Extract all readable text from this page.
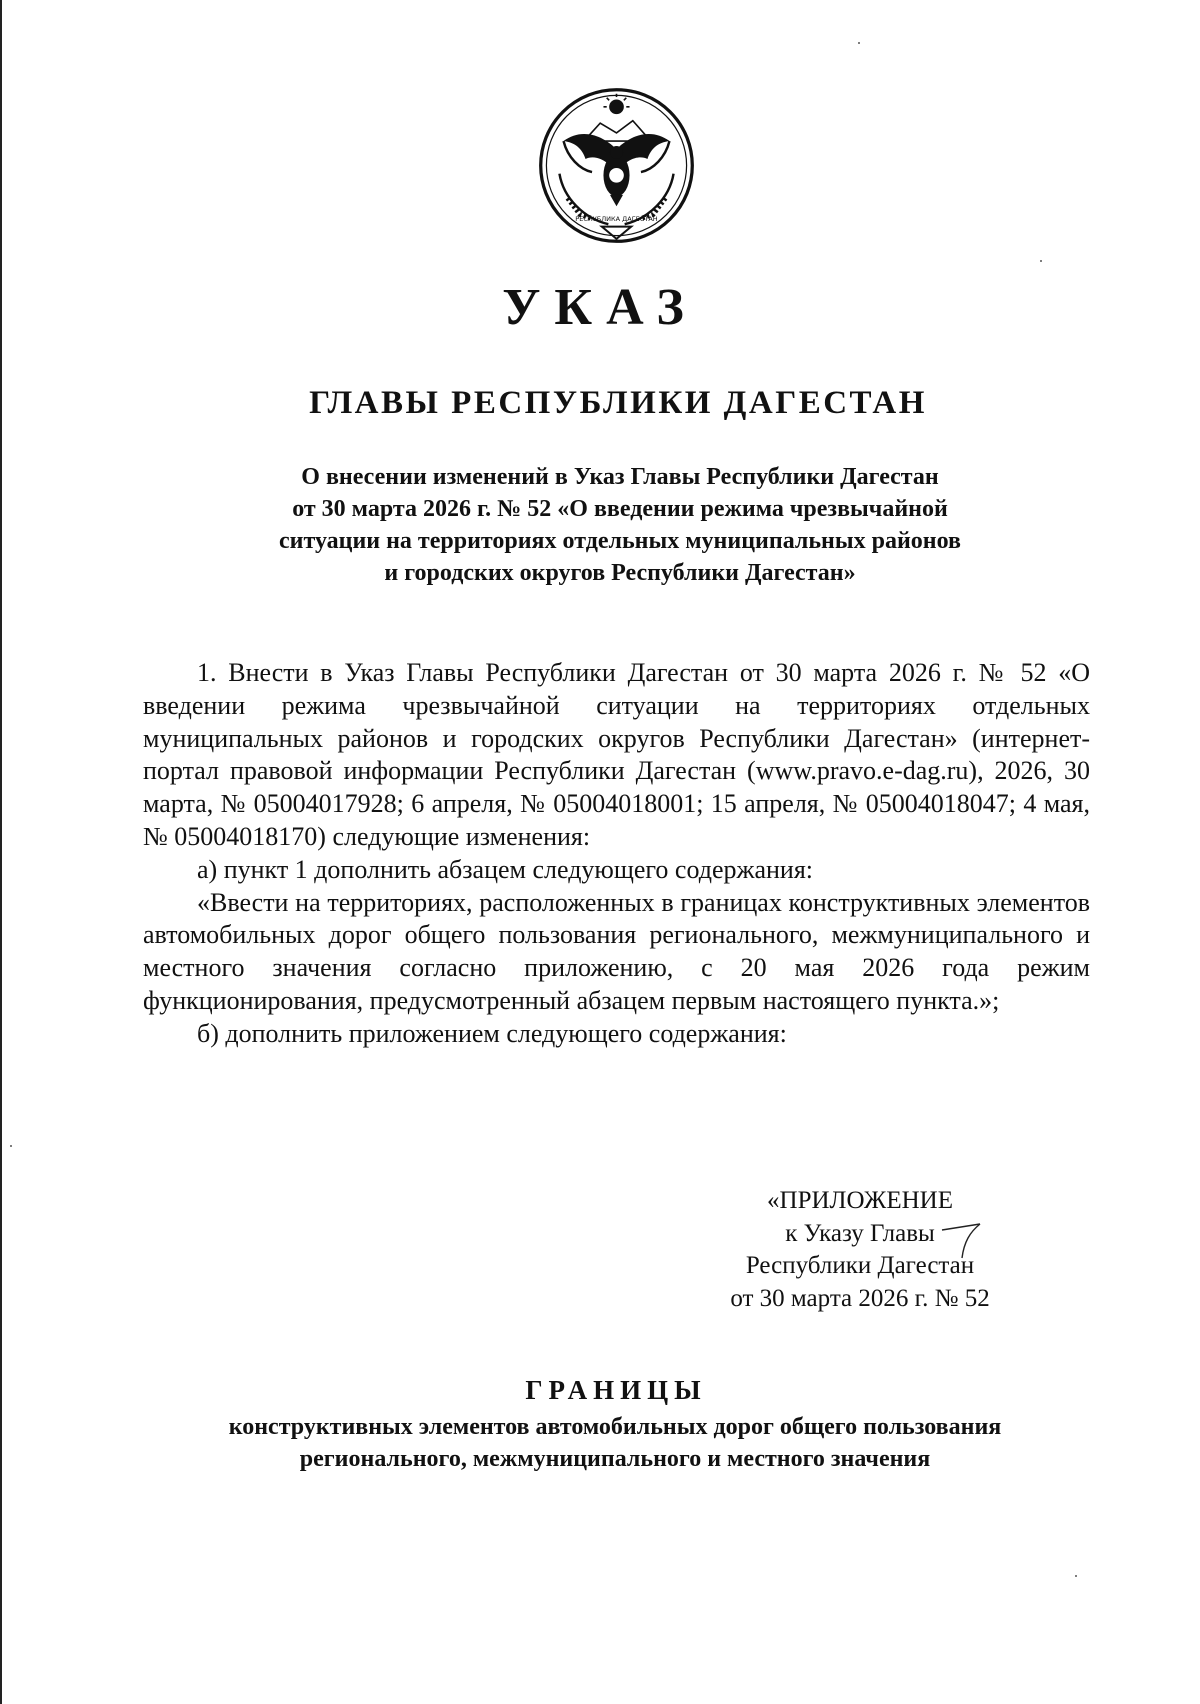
РЕСПУБЛИКА ДАГЕСТАН
УКАЗ
ГЛАВЫ РЕСПУБЛИКИ ДАГЕСТАН
О внесении изменений в Указ Главы Республики Дагестан
от 30 марта 2026 г. № 52 «О введении режима чрезвычайной
ситуации на территориях отдельных муниципальных районов
и городских округов Республики Дагестан»

1. Внести в Указ Главы Республики Дагестан от 30 марта 2026 г. № 52 «О введении режима чрезвычайной ситуации на территориях отдельных муниципальных районов и городских округов Республики Дагестан» (интернет-портал правовой информации Республики Дагестан (www.pravo.e-dag.ru), 2026, 30 марта, № 05004017928; 6 апреля, № 05004018001; 15 апреля, № 05004018047; 4 мая, № 05004018170) следующие изменения:

а) пункт 1 дополнить абзацем следующего содержания:

«Ввести на территориях, расположенных в границах конструктивных элементов автомобильных дорог общего пользования регионального, межмуниципального и местного значения согласно приложению, с 20 мая 2026 года режим функционирования, предусмотренный абзацем первым настоящего пункта.»;

б) дополнить приложением следующего содержания:

«ПРИЛОЖЕНИЕ
к Указу Главы
Республики Дагестан
от 30 марта 2026 г. № 52
ГРАНИЦЫ
конструктивных элементов автомобильных дорог общего пользования
регионального, межмуниципального и местного значения
